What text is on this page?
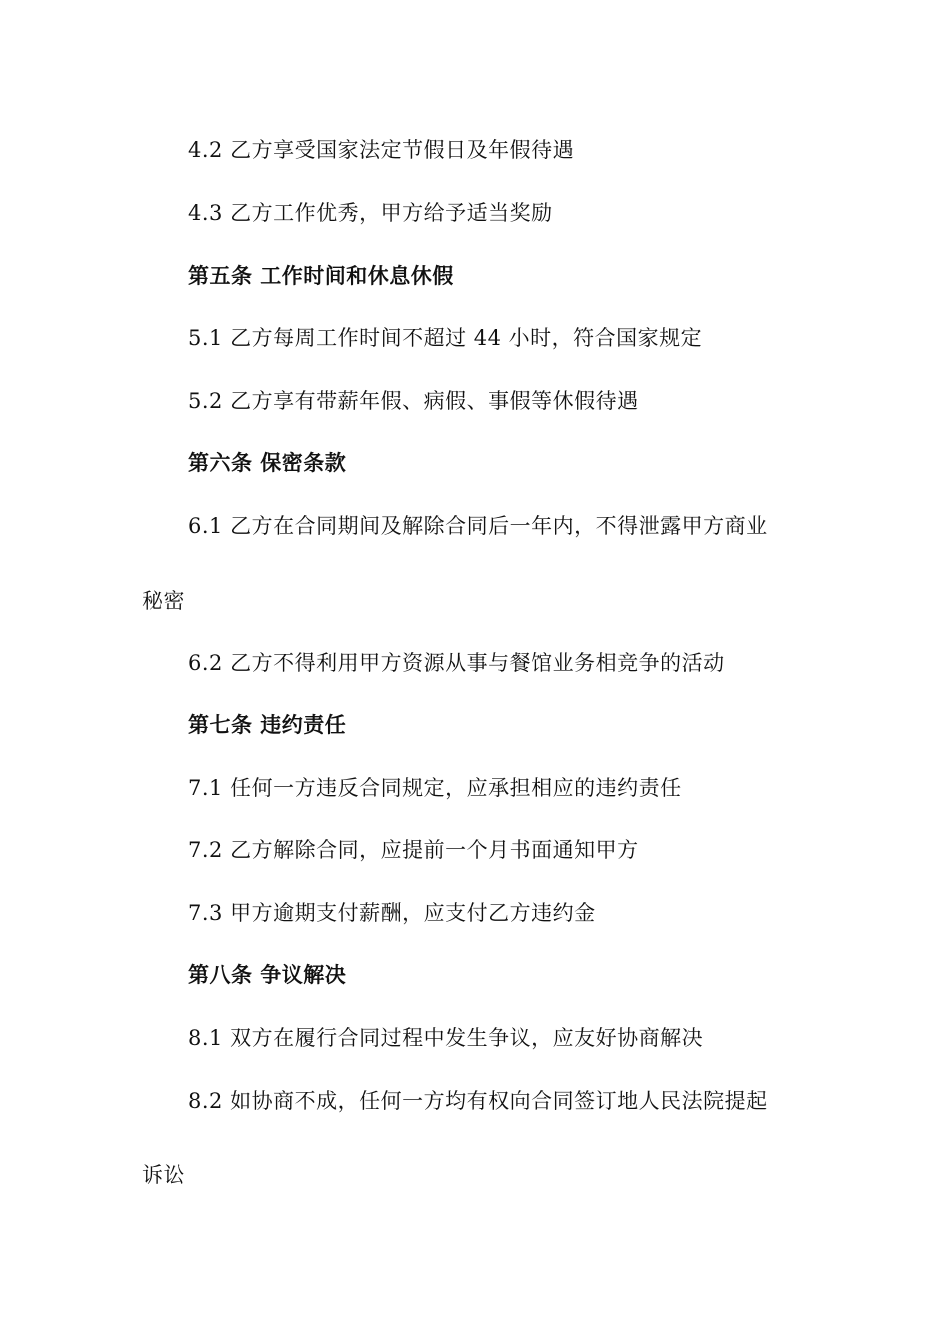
4.2 乙方享受国家法定节假日及年假待遇
4.3 乙方工作优秀，甲方给予适当奖励
第五条 工作时间和休息休假
5.1 乙方每周工作时间不超过 44 小时，符合国家规定
5.2 乙方享有带薪年假、病假、事假等休假待遇
第六条 保密条款
6.1 乙方在合同期间及解除合同后一年内，不得泄露甲方商业
秘密
6.2 乙方不得利用甲方资源从事与餐馆业务相竞争的活动
第七条 违约责任
7.1 任何一方违反合同规定，应承担相应的违约责任
7.2 乙方解除合同，应提前一个月书面通知甲方
7.3 甲方逾期支付薪酬，应支付乙方违约金
第八条 争议解决
8.1 双方在履行合同过程中发生争议，应友好协商解决
8.2 如协商不成，任何一方均有权向合同签订地人民法院提起
诉讼
